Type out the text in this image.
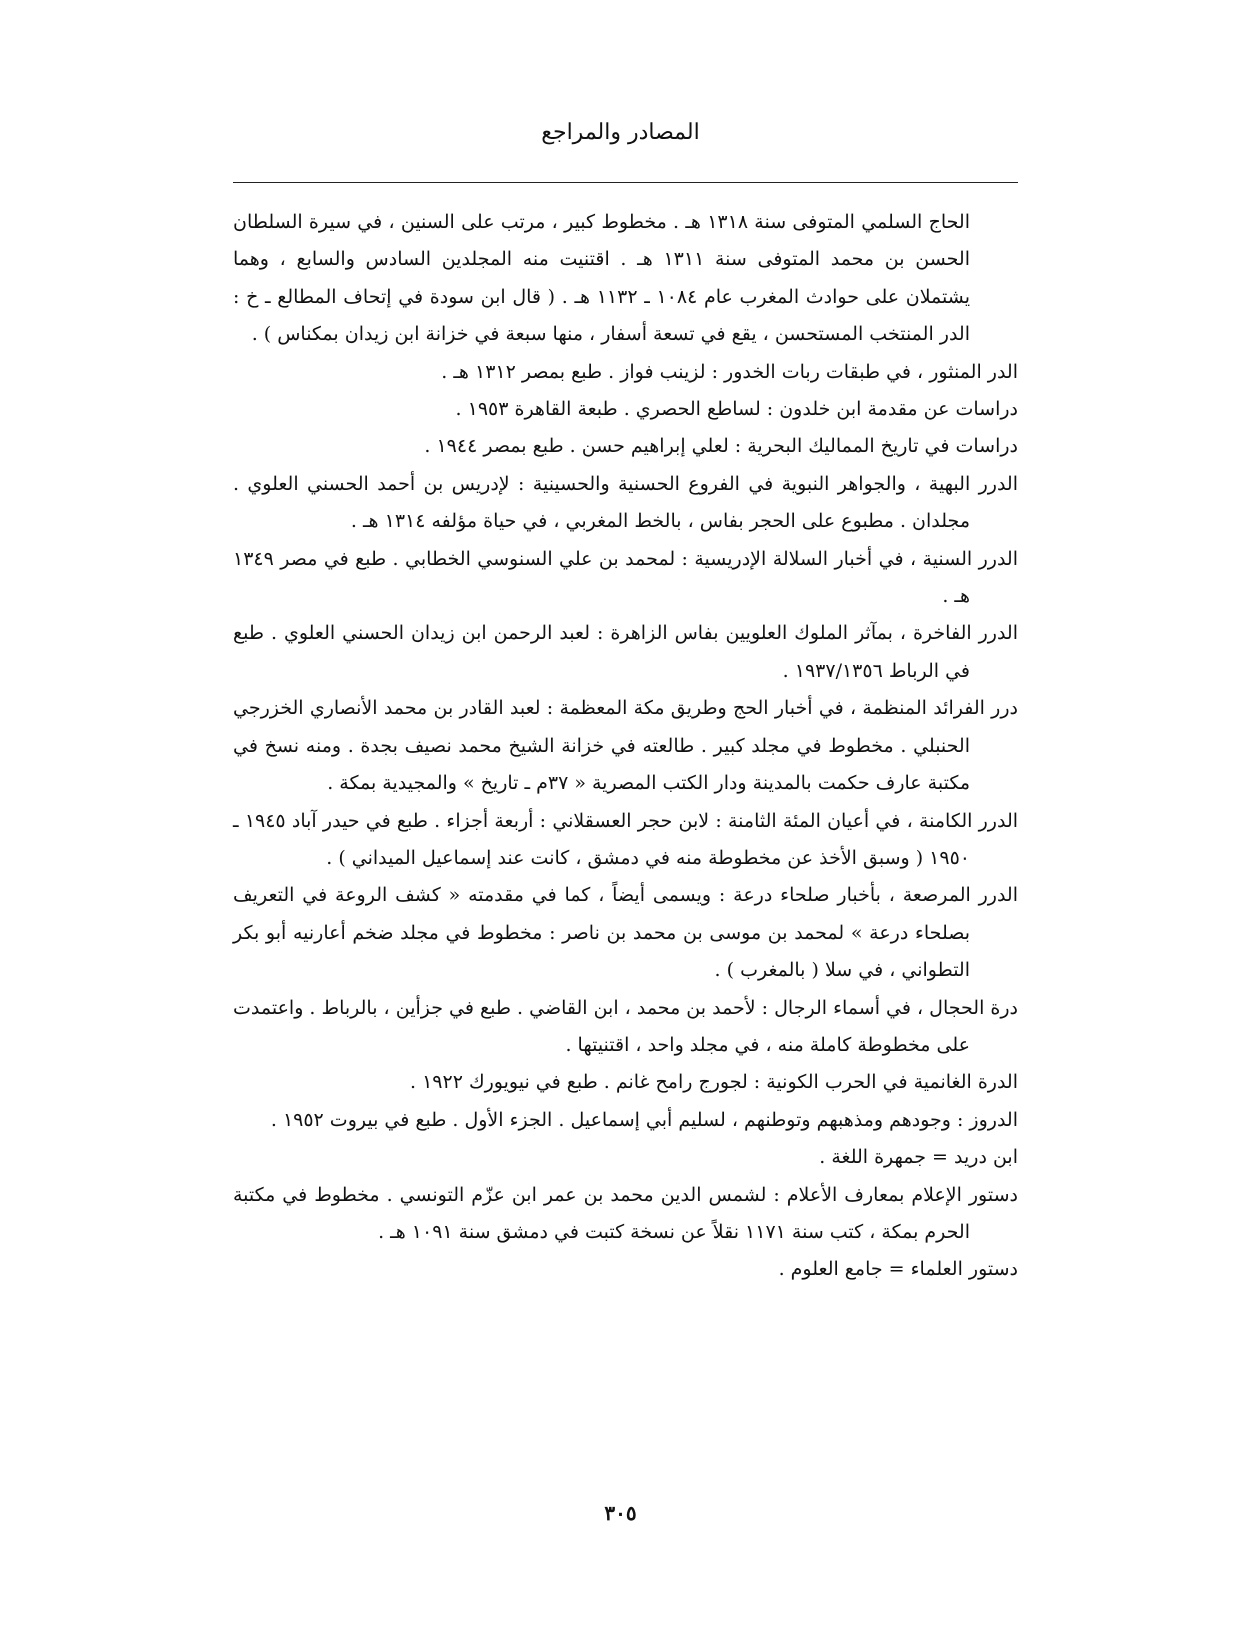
المصادر والمراجع

الحاج السلمي المتوفى سنة ١٣١٨ هـ . مخطوط كبير ، مرتب على السنين ، في سيرة السلطان الحسن بن محمد المتوفى سنة ١٣١١ هـ . اقتنيت منه المجلدين السادس والسابع ، وهما يشتملان على حوادث المغرب عام ١٠٨٤ ـ ١١٣٢ هـ . ( قال ابن سودة في إتحاف المطالع ـ خ : الدر المنتخب المستحسن ، يقع في تسعة أسفار ، منها سبعة في خزانة ابن زيدان بمكناس ) .

الدر المنثور ، في طبقات ربات الخدور : لزينب فواز . طبع بمصر ١٣١٢ هـ .

دراسات عن مقدمة ابن خلدون : لساطع الحصري . طبعة القاهرة ١٩٥٣ .

دراسات في تاريخ المماليك البحرية : لعلي إبراهيم حسن . طبع بمصر ١٩٤٤ .

الدرر البهية ، والجواهر النبوية في الفروع الحسنية والحسينية : لإدريس بن أحمد الحسني العلوي . مجلدان . مطبوع على الحجر بفاس ، بالخط المغربي ، في حياة مؤلفه ١٣١٤ هـ .

الدرر السنية ، في أخبار السلالة الإدريسية : لمحمد بن علي السنوسي الخطابي . طبع في مصر ١٣٤٩ هـ .

الدرر الفاخرة ، بمآثر الملوك العلويين بفاس الزاهرة : لعبد الرحمن ابن زيدان الحسني العلوي . طبع في الرباط ١٩٣٧/١٣٥٦ .

درر الفرائد المنظمة ، في أخبار الحج وطريق مكة المعظمة : لعبد القادر بن محمد الأنصاري الخزرجي الحنبلي . مخطوط في مجلد كبير . طالعته في خزانة الشيخ محمد نصيف بجدة . ومنه نسخ في مكتبة عارف حكمت بالمدينة ودار الكتب المصرية « ٣٧م ـ تاريخ » والمجيدية بمكة .

الدرر الكامنة ، في أعيان المئة الثامنة : لابن حجر العسقلاني : أربعة أجزاء . طبع في حيدر آباد ١٩٤٥ ـ ١٩٥٠ ( وسبق الأخذ عن مخطوطة منه في دمشق ، كانت عند إسماعيل الميداني ) .

الدرر المرصعة ، بأخبار صلحاء درعة : ويسمى أيضاً ، كما في مقدمته « كشف الروعة في التعريف بصلحاء درعة » لمحمد بن موسى بن محمد بن ناصر : مخطوط في مجلد ضخم أعارنيه أبو بكر التطواني ، في سلا ( بالمغرب ) .

درة الحجال ، في أسماء الرجال : لأحمد بن محمد ، ابن القاضي . طبع في جزأين ، بالرباط . واعتمدت على مخطوطة كاملة منه ، في مجلد واحد ، اقتنيتها .

الدرة الغانمية في الحرب الكونية : لجورج رامح غانم . طبع في نيويورك ١٩٢٢ .

الدروز : وجودهم ومذهبهم وتوطنهم ، لسليم أبي إسماعيل . الجزء الأول . طبع في بيروت ١٩٥٢ .

ابن دريد = جمهرة اللغة .

دستور الإعلام بمعارف الأعلام : لشمس الدين محمد بن عمر ابن عزّم التونسي . مخطوط في مكتبة الحرم بمكة ، كتب سنة ١١٧١ نقلاً عن نسخة كتبت في دمشق سنة ١٠٩١ هـ .

دستور العلماء = جامع العلوم .

٣٠٥
